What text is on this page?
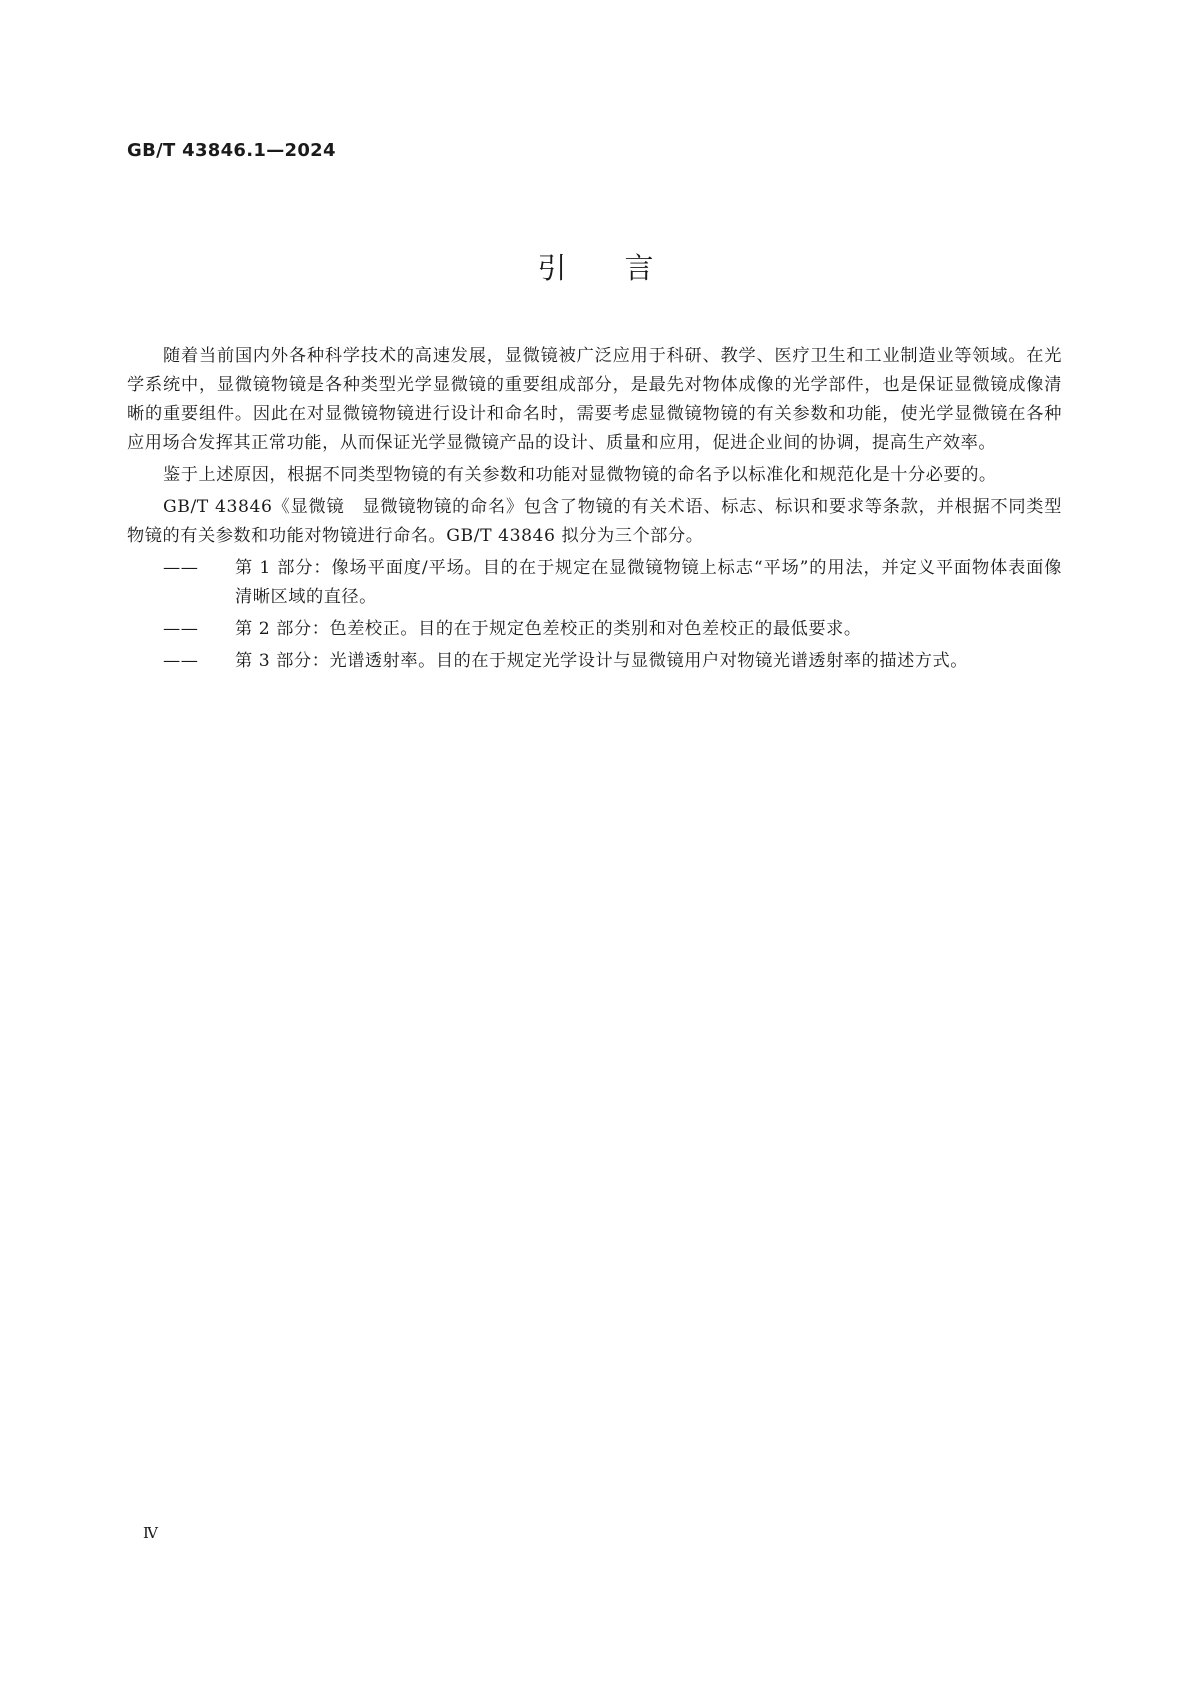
GB/T 43846.1—2024
引言

随着当前国内外各种科学技术的高速发展，显微镜被广泛应用于科研、教学、医疗卫生和工业制造业等领域。在光学系统中，显微镜物镜是各种类型光学显微镜的重要组成部分，是最先对物体成像的光学部件，也是保证显微镜成像清晰的重要组件。因此在对显微镜物镜进行设计和命名时，需要考虑显微镜物镜的有关参数和功能，使光学显微镜在各种应用场合发挥其正常功能，从而保证光学显微镜产品的设计、质量和应用，促进企业间的协调，提高生产效率。

鉴于上述原因，根据不同类型物镜的有关参数和功能对显微物镜的命名予以标准化和规范化是十分必要的。

GB/T 43846《显微镜　显微镜物镜的命名》包含了物镜的有关术语、标志、标识和要求等条款，并根据不同类型物镜的有关参数和功能对物镜进行命名。GB/T 43846 拟分为三个部分。

——	第 1 部分：像场平面度/平场。目的在于规定在显微镜物镜上标志“平场”的用法，并定义平面物体表面像清晰区域的直径。
——	第 2 部分：色差校正。目的在于规定色差校正的类别和对色差校正的最低要求。
——	第 3 部分：光谱透射率。目的在于规定光学设计与显微镜用户对物镜光谱透射率的描述方式。
Ⅳ
